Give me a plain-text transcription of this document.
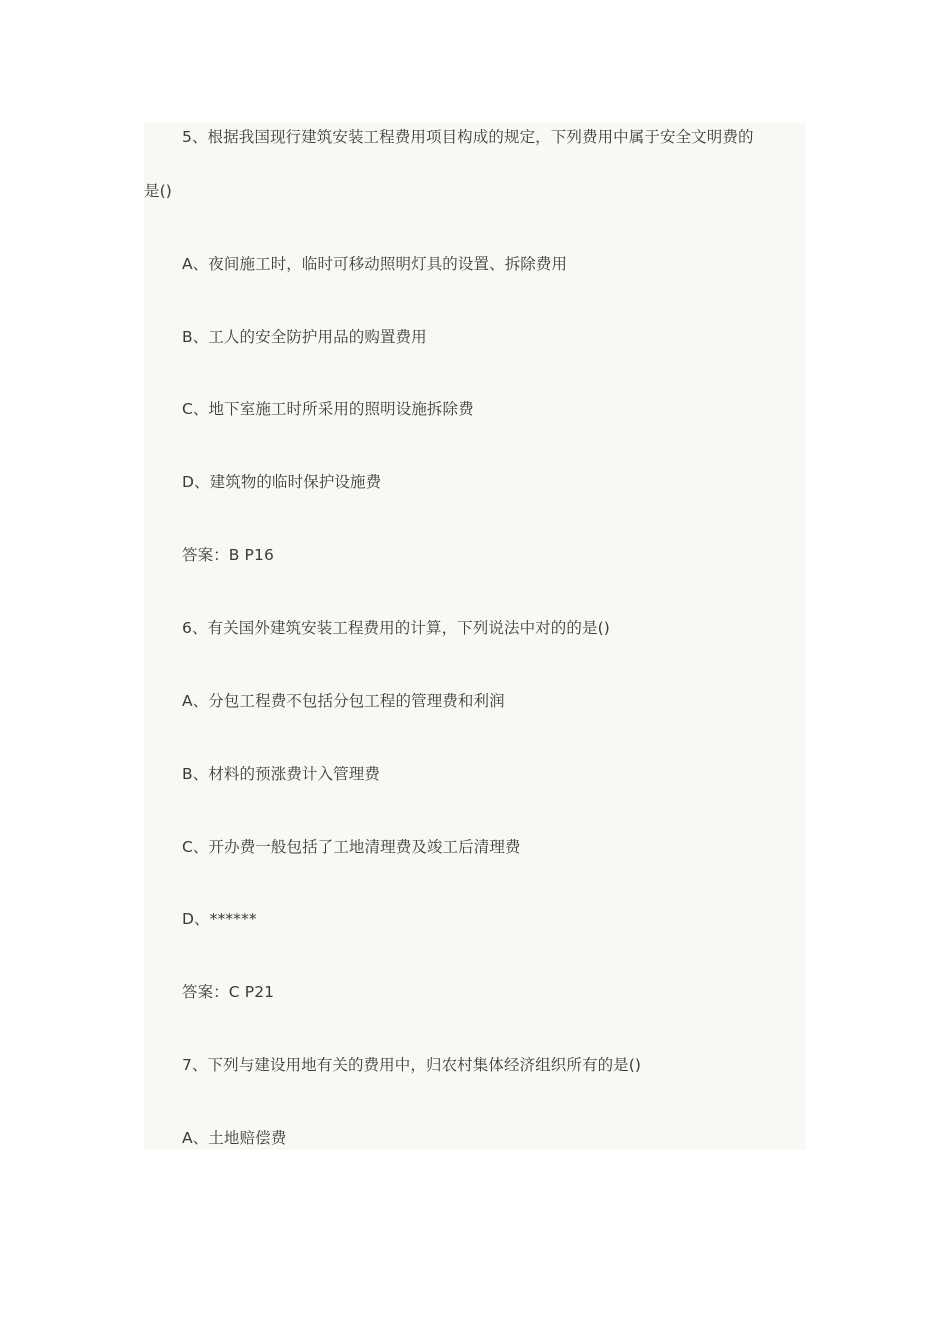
5、根据我国现行建筑安装工程费用项目构成的规定，下列费用中属于安全文明费的
是()
A、夜间施工时，临时可移动照明灯具的设置、拆除费用
B、工人的安全防护用品的购置费用
C、地下室施工时所采用的照明设施拆除费
D、建筑物的临时保护设施费
答案：B P16
6、有关国外建筑安装工程费用的计算，下列说法中对的的是()
A、分包工程费不包括分包工程的管理费和利润
B、材料的预涨费计入管理费
C、开办费一般包括了工地清理费及竣工后清理费
D、******
答案：C P21
7、下列与建设用地有关的费用中，归农村集体经济组织所有的是()
A、土地赔偿费
